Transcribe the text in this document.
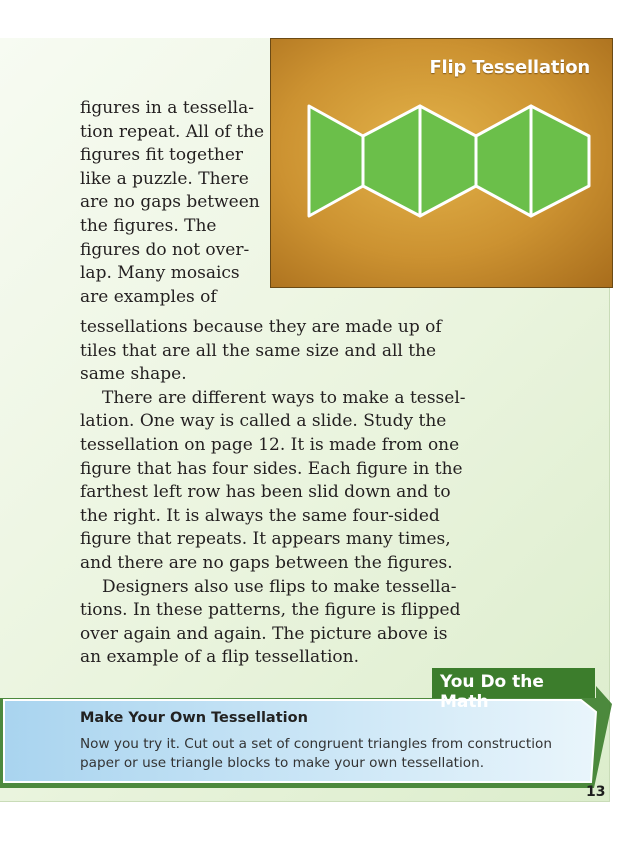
Flip Tessellation
figures in a tessella-
tion repeat. All of the
figures fit together
like a puzzle. There
are no gaps between
the figures. The
figures do not over-
lap. Many mosaics
are examples of
tessellations because they are made up of
tiles that are all the same size and all the
same shape.
There are different ways to make a tessel-
lation. One way is called a slide. Study the
tessellation on page 12. It is made from one
figure that has four sides. Each figure in the
farthest left row has been slid down and to
the right. It is always the same four-sided
figure that repeats. It appears many times,
and there are no gaps between the figures.
Designers also use flips to make tessella-
tions. In these patterns, the figure is flipped
over again and again. The picture above is
an example of a flip tessellation.
You Do the Math
Make Your Own Tessellation
Now you try it. Cut out a set of congruent triangles from construction
paper or use triangle blocks to make your own tessellation.
13
